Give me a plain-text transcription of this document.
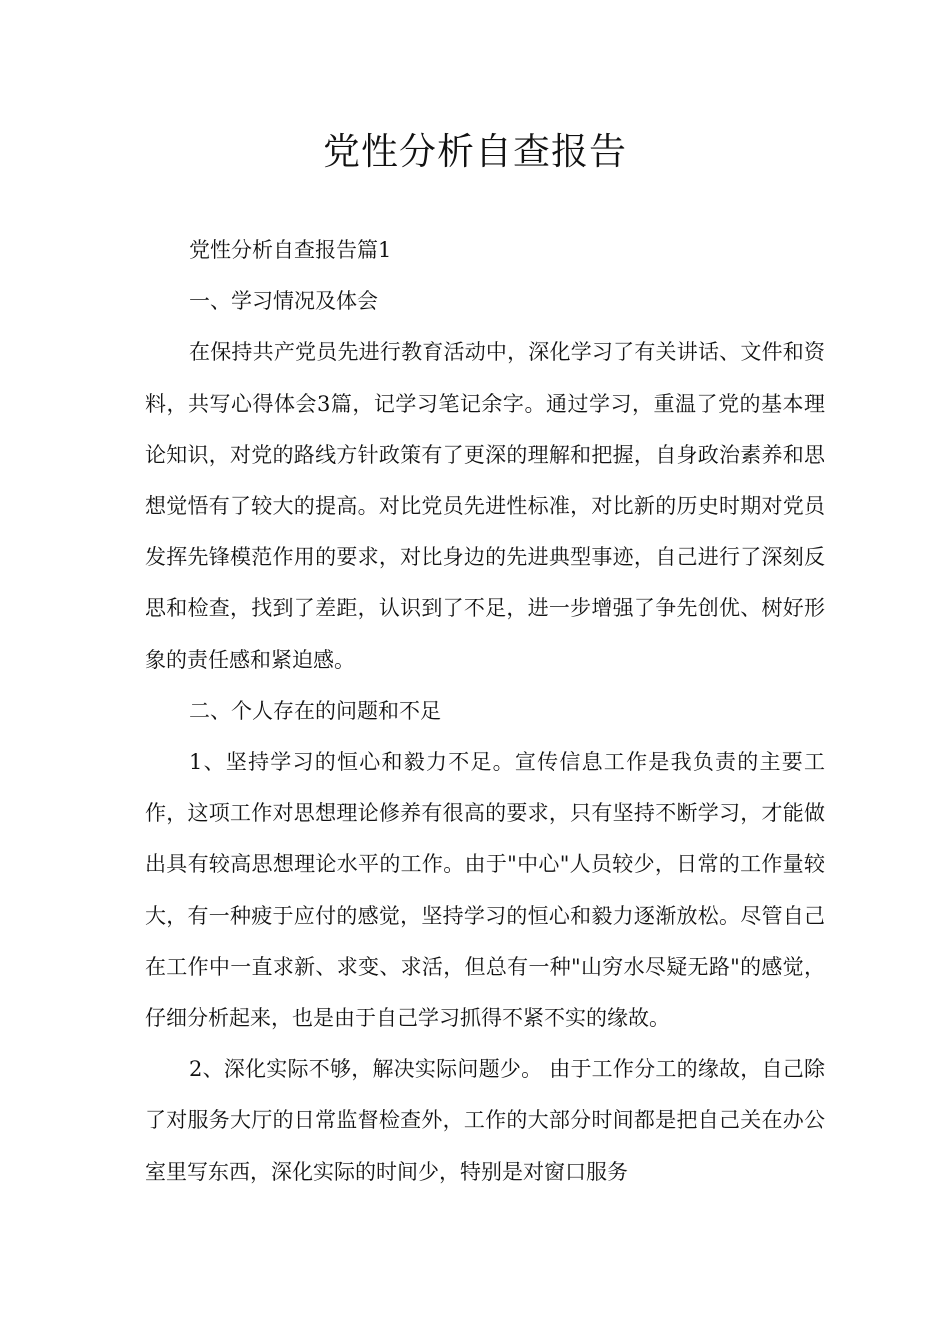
党性分析自查报告

党性分析自查报告篇1

一、学习情况及体会

在保持共产党员先进行教育活动中，深化学习了有关讲话、文件和资料，共写心得体会3篇，记学习笔记余字。通过学习，重温了党的基本理论知识，对党的路线方针政策有了更深的理解和把握，自身政治素养和思想觉悟有了较大的提高。对比党员先进性标准，对比新的历史时期对党员发挥先锋模范作用的要求，对比身边的先进典型事迹，自己进行了深刻反思和检查，找到了差距，认识到了不足，进一步增强了争先创优、树好形象的责任感和紧迫感。

二、个人存在的问题和不足

1、坚持学习的恒心和毅力不足。宣传信息工作是我负责的主要工作，这项工作对思想理论修养有很高的要求，只有坚持不断学习，才能做出具有较高思想理论水平的工作。由于"中心"人员较少，日常的工作量较大，有一种疲于应付的感觉，坚持学习的恒心和毅力逐渐放松。尽管自己在工作中一直求新、求变、求活，但总有一种"山穷水尽疑无路"的感觉，仔细分析起来，也是由于自己学习抓得不紧不实的缘故。

2、深化实际不够，解决实际问题少。 由于工作分工的缘故，自己除了对服务大厅的日常监督检查外，工作的大部分时间都是把自己关在办公室里写东西，深化实际的时间少，特别是对窗口服务
